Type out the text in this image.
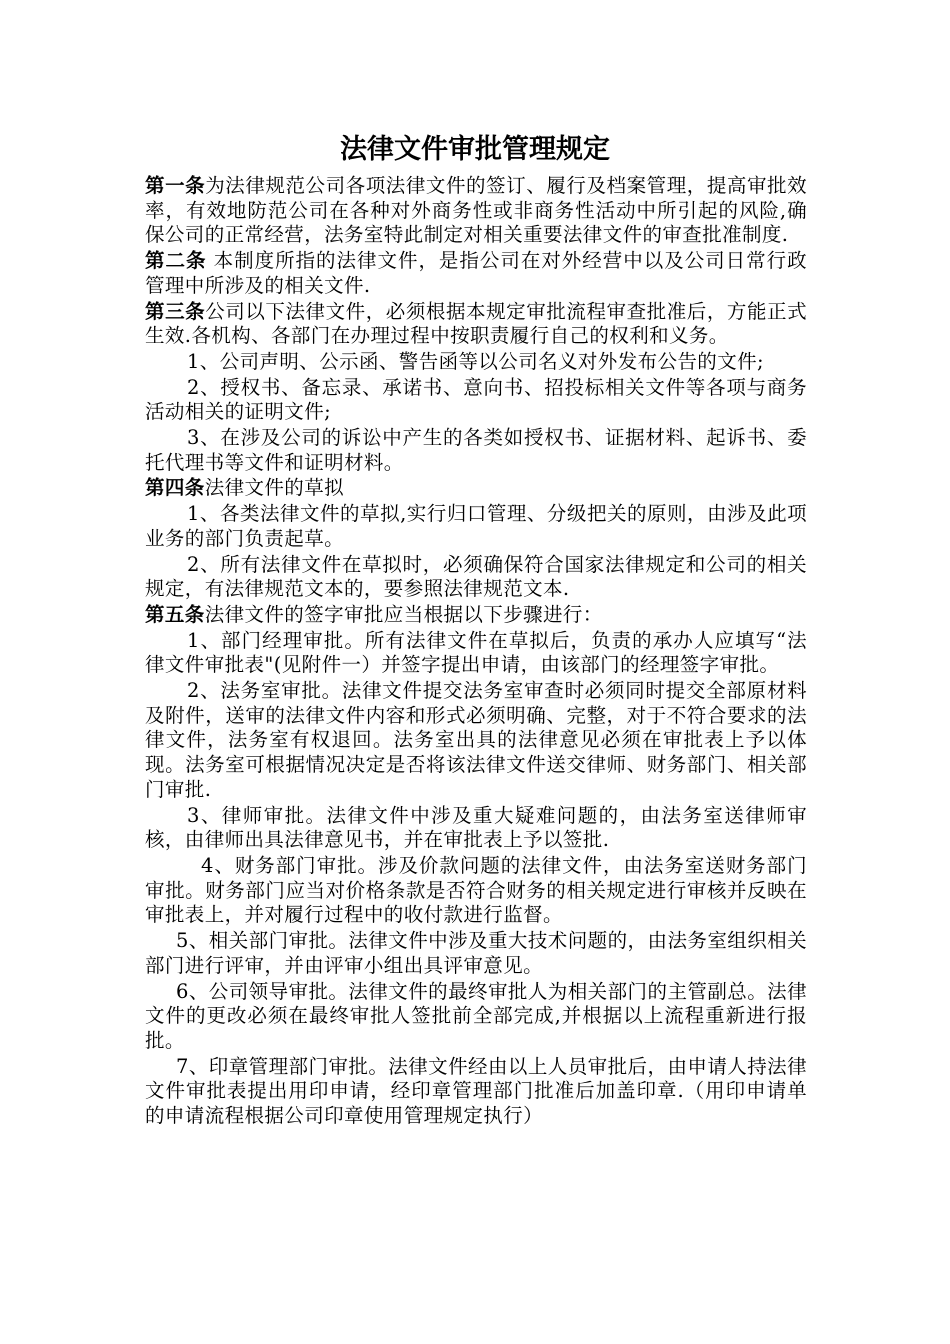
法律文件审批管理规定

第一条为法律规范公司各项法律文件的签订、履行及档案管理，提高审批效率，有效地防范公司在各种对外商务性或非商务性活动中所引起的风险,确保公司的正常经营，法务室特此制定对相关重要法律文件的审查批准制度.

第二条 本制度所指的法律文件，是指公司在对外经营中以及公司日常行政管理中所涉及的相关文件.

第三条公司以下法律文件，必须根据本规定审批流程审查批准后，方能正式生效.各机构、各部门在办理过程中按职责履行自己的权利和义务。

1、公司声明、公示函、警告函等以公司名义对外发布公告的文件;

2、授权书、备忘录、承诺书、意向书、招投标相关文件等各项与商务活动相关的证明文件;

3、在涉及公司的诉讼中产生的各类如授权书、证据材料、起诉书、委托代理书等文件和证明材料。

第四条法律文件的草拟

1、各类法律文件的草拟,实行归口管理、分级把关的原则，由涉及此项业务的部门负责起草。

2、所有法律文件在草拟时，必须确保符合国家法律规定和公司的相关规定，有法律规范文本的，要参照法律规范文本.

第五条法律文件的签字审批应当根据以下步骤进行：

1、部门经理审批。所有法律文件在草拟后，负责的承办人应填写“法律文件审批表"(见附件一）并签字提出申请，由该部门的经理签字审批。

2、法务室审批。法律文件提交法务室审查时必须同时提交全部原材料及附件，送审的法律文件内容和形式必须明确、完整，对于不符合要求的法律文件，法务室有权退回。法务室出具的法律意见必须在审批表上予以体现。法务室可根据情况决定是否将该法律文件送交律师、财务部门、相关部门审批.

3、律师审批。法律文件中涉及重大疑难问题的，由法务室送律师审核，由律师出具法律意见书，并在审批表上予以签批.

4、财务部门审批。涉及价款问题的法律文件，由法务室送财务部门审批。财务部门应当对价格条款是否符合财务的相关规定进行审核并反映在审批表上，并对履行过程中的收付款进行监督。

5、相关部门审批。法律文件中涉及重大技术问题的，由法务室组织相关部门进行评审，并由评审小组出具评审意见。

6、公司领导审批。法律文件的最终审批人为相关部门的主管副总。法律文件的更改必须在最终审批人签批前全部完成,并根据以上流程重新进行报批。

7、印章管理部门审批。法律文件经由以上人员审批后，由申请人持法律文件审批表提出用印申请，经印章管理部门批准后加盖印章.（用印申请单的申请流程根据公司印章使用管理规定执行）
